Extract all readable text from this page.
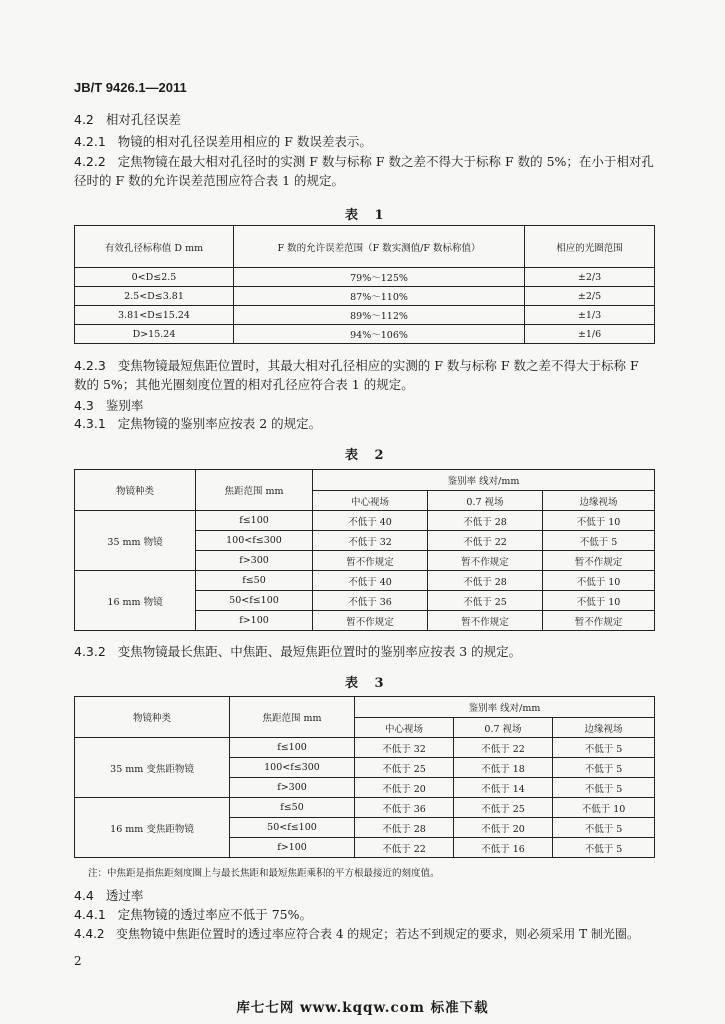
JB/T 9426.1—2011
4.2 相对孔径误差
4.2.1 物镜的相对孔径误差用相应的 F 数误差表示。
4.2.2 定焦物镜在最大相对孔径时的实测 F 数与标称 F 数之差不得大于标称 F 数的 5%；在小于相对孔径时的 F 数的允许误差范围应符合表 1 的规定。
表 1
有效孔径标称值 D mm	F 数的允许误差范围（F 数实测值/F 数标称值）	相应的光圈范围
0<D≤2.5	79%～125%	±2/3
2.5<D≤3.81	87%～110%	±2/5
3.81<D≤15.24	89%～112%	±1/3
D>15.24	94%～106%	±1/6
4.2.3 变焦物镜最短焦距位置时，其最大相对孔径相应的实测的 F 数与标称 F 数之差不得大于标称 F 数的 5%；其他光圈刻度位置的相对孔径应符合表 1 的规定。
4.3 鉴别率
4.3.1 定焦物镜的鉴别率应按表 2 的规定。
表 2
物镜种类	焦距范围 mm	鉴别率 线对/mm		
		中心视场	0.7 视场	边缘视场
35 mm 物镜	f≤100	不低于 40	不低于 28	不低于 10
	100<f≤300	不低于 32	不低于 22	不低于 5
	f>300	暂不作规定	暂不作规定	暂不作规定
16 mm 物镜	f≤50	不低于 40	不低于 28	不低于 10
	50<f≤100	不低于 36	不低于 25	不低于 10
	f>100	暂不作规定	暂不作规定	暂不作规定
4.3.2 变焦物镜最长焦距、中焦距、最短焦距位置时的鉴别率应按表 3 的规定。
表 3
物镜种类	焦距范围 mm	鉴别率 线对/mm		
		中心视场	0.7 视场	边缘视场
35 mm 变焦距物镜	f≤100	不低于 32	不低于 22	不低于 5
	100<f≤300	不低于 25	不低于 18	不低于 5
	f>300	不低于 20	不低于 14	不低于 5
16 mm 变焦距物镜	f≤50	不低于 36	不低于 25	不低于 10
	50<f≤100	不低于 28	不低于 20	不低于 5
	f>100	不低于 22	不低于 16	不低于 5
注：中焦距是指焦距刻度圈上与最长焦距和最短焦距乘积的平方根最接近的刻度值。
4.4 透过率
4.4.1 定焦物镜的透过率应不低于 75%。
4.4.2 变焦物镜中焦距位置时的透过率应符合表 4 的规定；若达不到规定的要求，则必须采用 T 制光圈。
2
库七七网 www.kqqw.com 标准下载
